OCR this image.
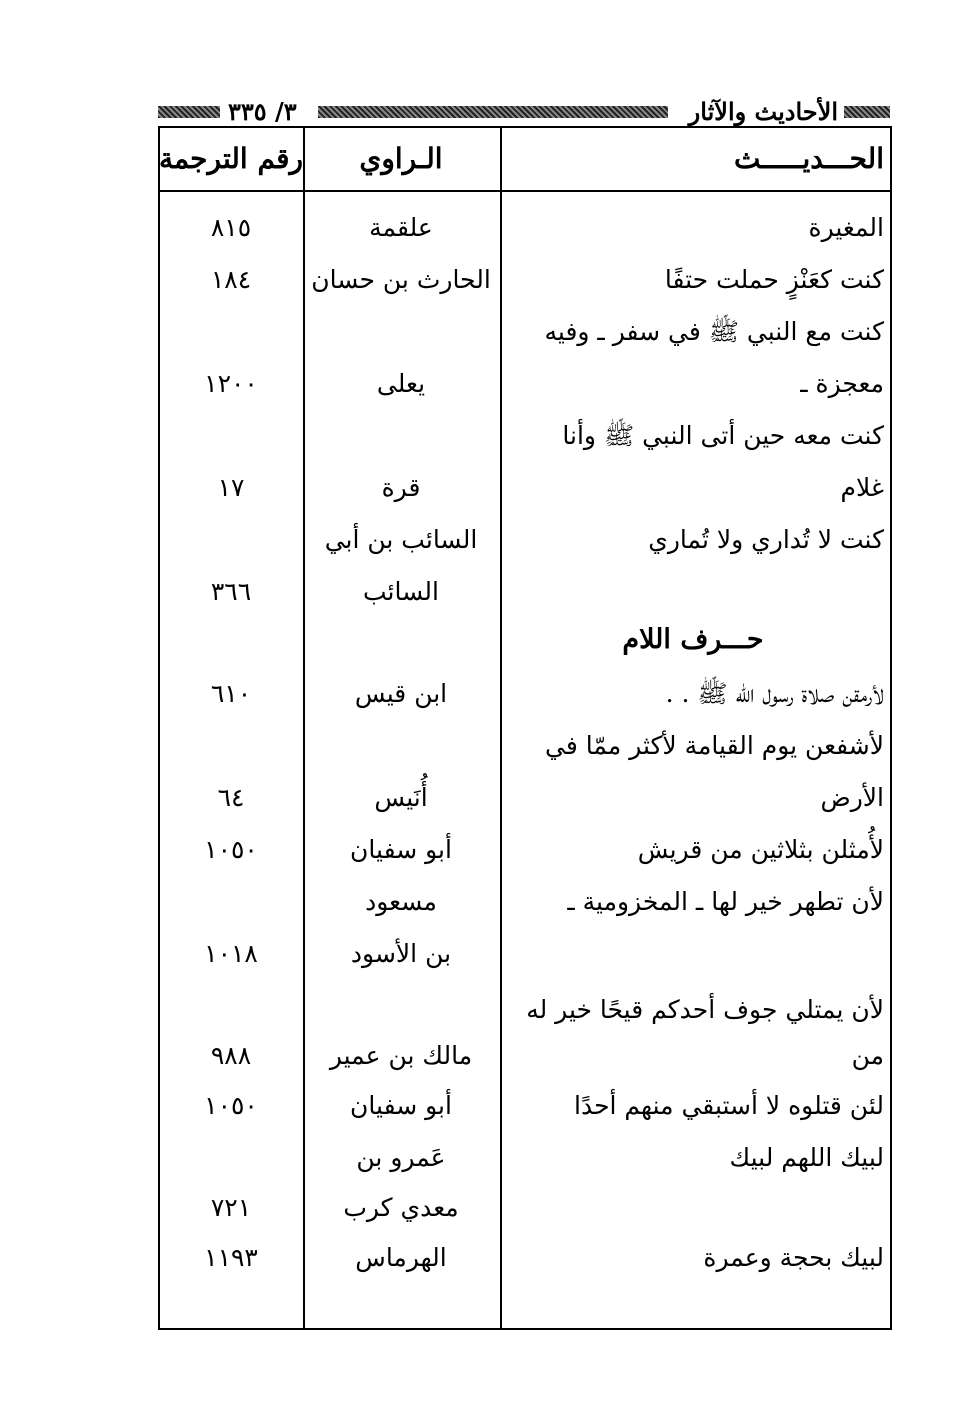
٣/ ٣٣٥	الأحاديث والآثار
الحـــديـــــث
الـراوي
رقم الترجمة
المغيرة
علقمة
٨١٥
كنت كعَنْزٍ حملت حتفًا
الحارث بن حسان
١٨٤
كنت مع النبي ﷺ في سفر ـ وفيه
معجزة ـ
يعلى
١٢٠٠
كنت معه حين أتى النبي ﷺ وأنا
غلام
قرة
١٧
كنت لا تُداري ولا تُماري
السائب بن أبي
السائب
٣٦٦
حـــرف اللام
لأرمقن صلاة رسول الله ﷺ . .
ابن قيس
٦١٠
لأشفعن يوم القيامة لأكثر ممّا في
الأرض
أُنَيس
٦٤
لأُمثلن بثلاثين من قريش
أبو سفيان
١٠٥٠
لأن تطهر خير لها ـ المخزومية ـ
مسعود
بن الأسود
١٠١٨
لأن يمتلي جوف أحدكم قيحًا خير له
من
مالك بن عمير
٩٨٨
لئن قتلوه لا أستبقي منهم أحدًا
أبو سفيان
١٠٥٠
لبيك اللهم لبيك
عَمرو بن
معدي كرب
٧٢١
لبيك بحجة وعمرة
الهرماس
١١٩٣
